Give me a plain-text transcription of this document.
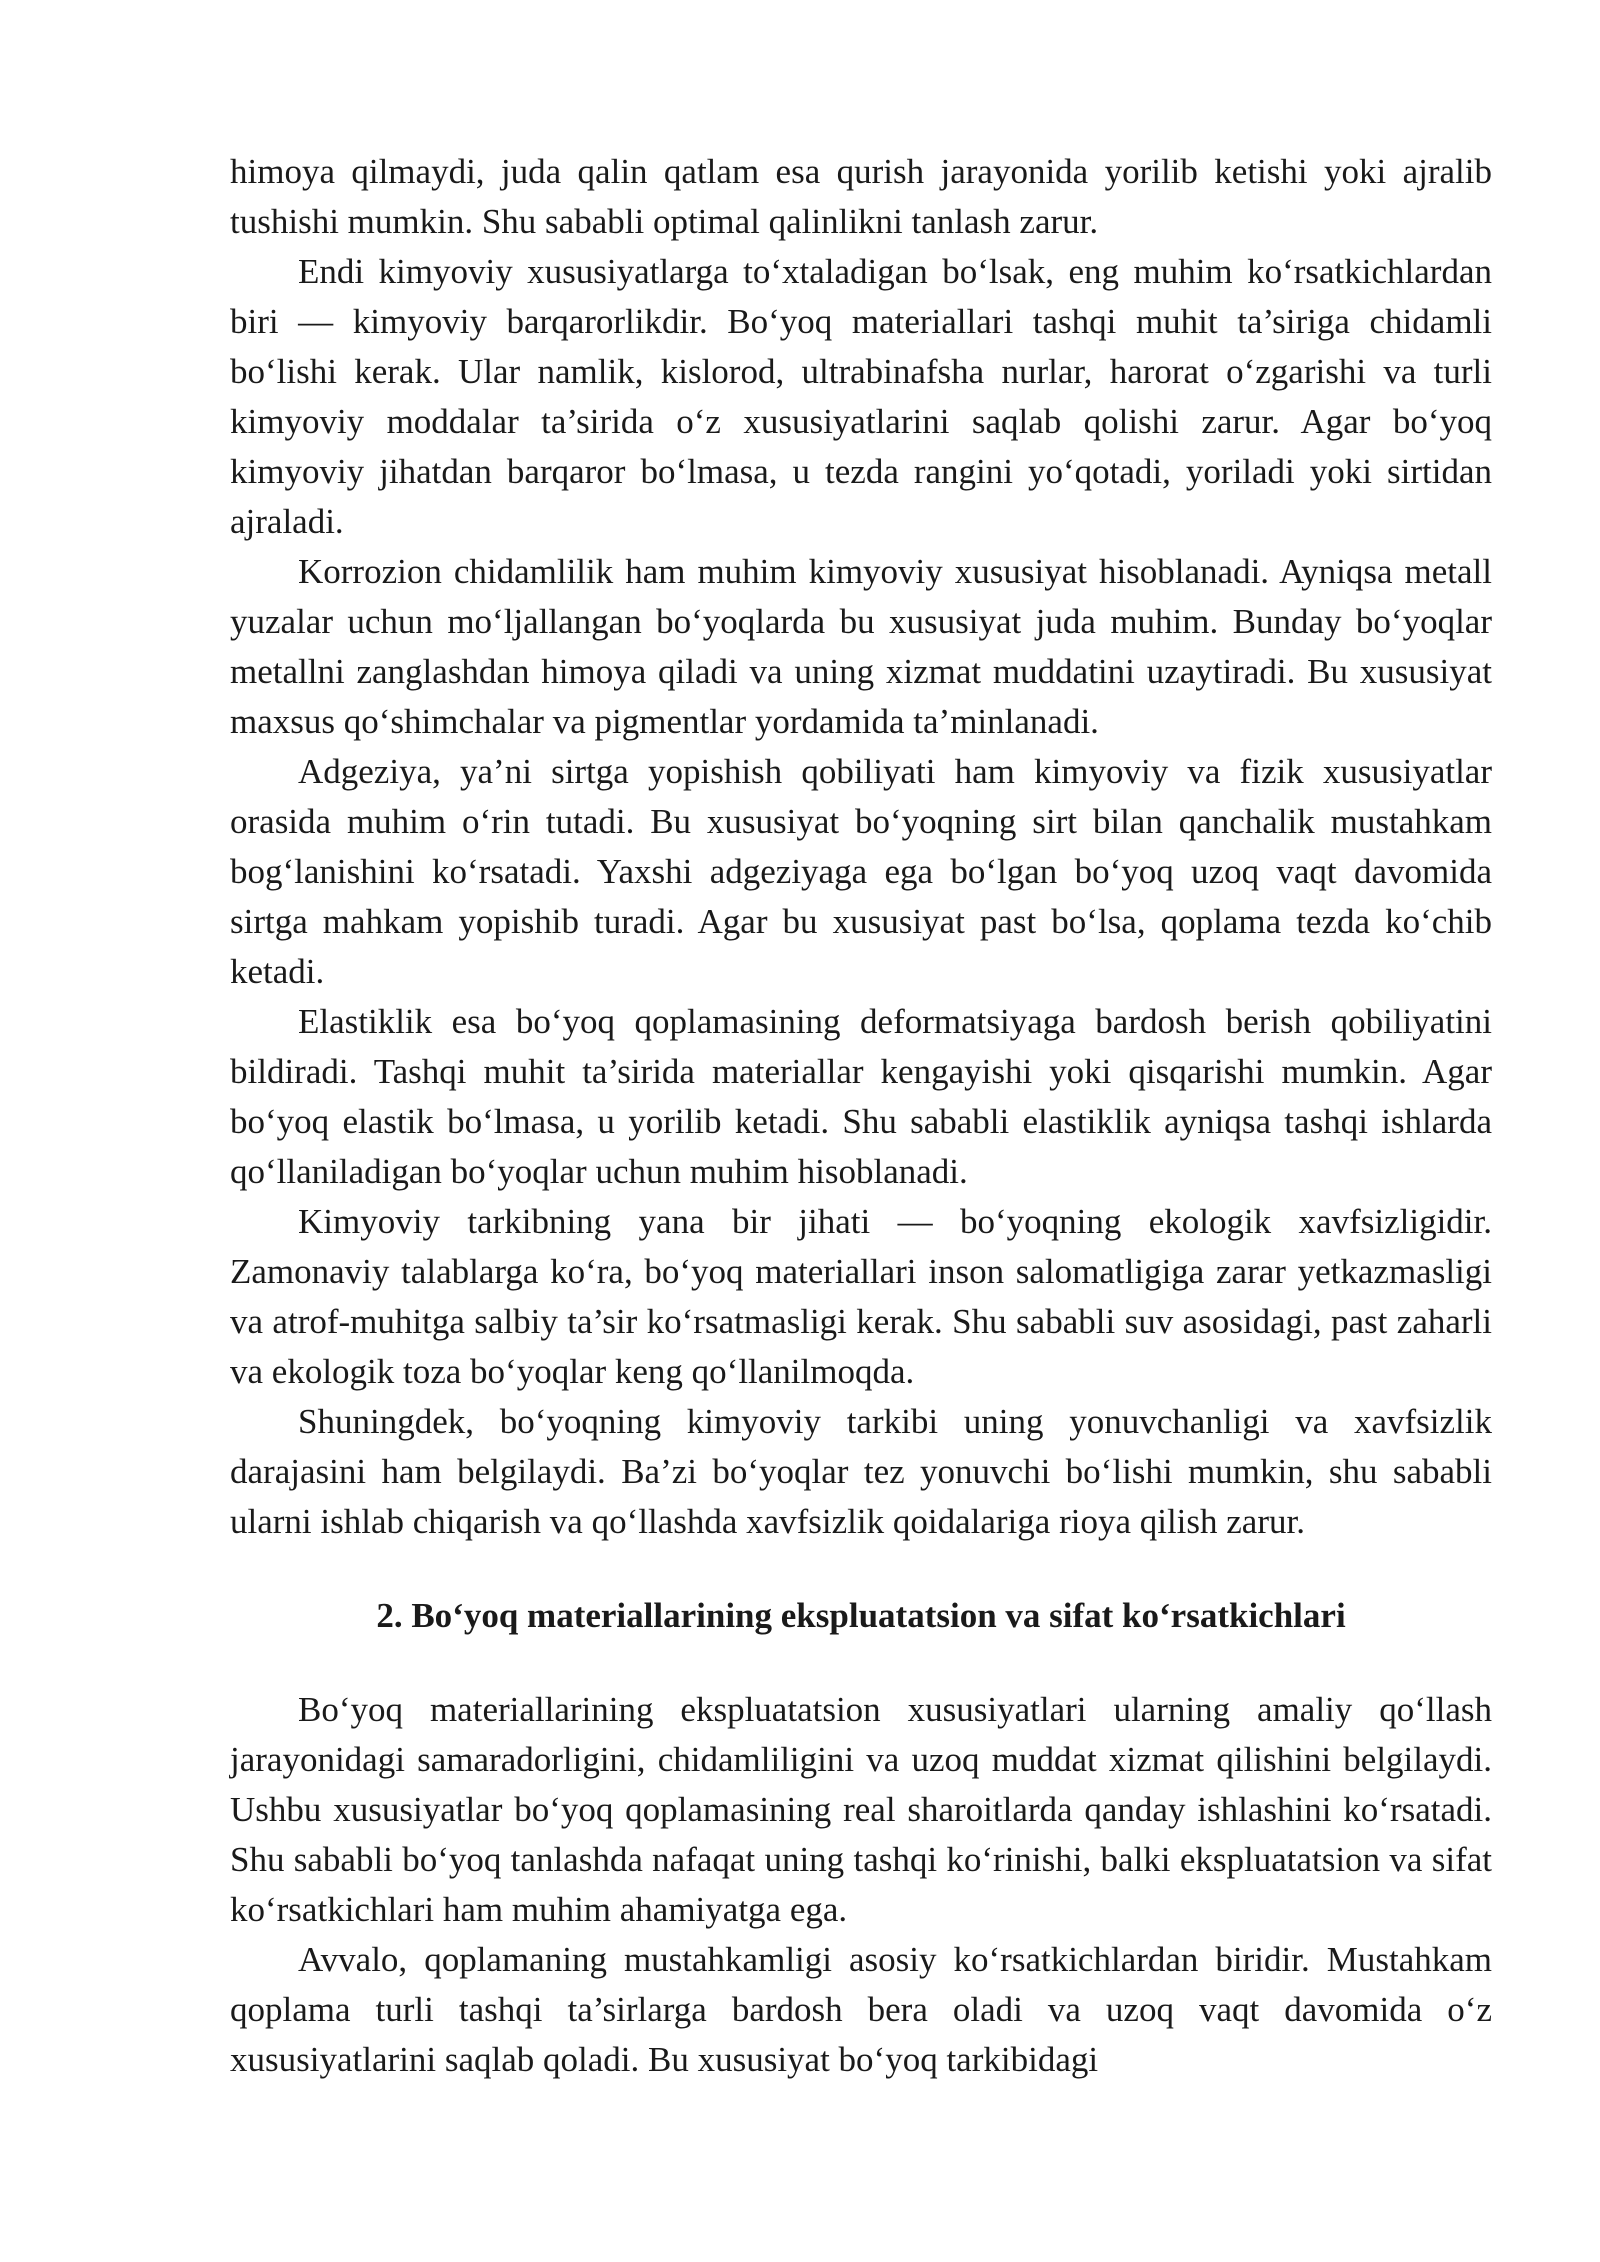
himoya qilmaydi, juda qalin qatlam esa qurish jarayonida yorilib ketishi yoki ajralib tushishi mumkin. Shu sababli optimal qalinlikni tanlash zarur.

Endi kimyoviy xususiyatlarga to‘xtaladigan bo‘lsak, eng muhim ko‘rsatkichlardan biri — kimyoviy barqarorlikdir. Bo‘yoq materiallari tashqi muhit ta’siriga chidamli bo‘lishi kerak. Ular namlik, kislorod, ultrabinafsha nurlar, harorat o‘zgarishi va turli kimyoviy moddalar ta’sirida o‘z xususiyatlarini saqlab qolishi zarur. Agar bo‘yoq kimyoviy jihatdan barqaror bo‘lmasa, u tezda rangini yo‘qotadi, yoriladi yoki sirtidan ajraladi.

Korrozion chidamlilik ham muhim kimyoviy xususiyat hisoblanadi. Ayniqsa metall yuzalar uchun mo‘ljallangan bo‘yoqlarda bu xususiyat juda muhim. Bunday bo‘yoqlar metallni zanglashdan himoya qiladi va uning xizmat muddatini uzaytiradi. Bu xususiyat maxsus qo‘shimchalar va pigmentlar yordamida ta’minlanadi.

Adgeziya, ya’ni sirtga yopishish qobiliyati ham kimyoviy va fizik xususiyatlar orasida muhim o‘rin tutadi. Bu xususiyat bo‘yoqning sirt bilan qanchalik mustahkam bog‘lanishini ko‘rsatadi. Yaxshi adgeziyaga ega bo‘lgan bo‘yoq uzoq vaqt davomida sirtga mahkam yopishib turadi. Agar bu xususiyat past bo‘lsa, qoplama tezda ko‘chib ketadi.

Elastiklik esa bo‘yoq qoplamasining deformatsiyaga bardosh berish qobiliyatini bildiradi. Tashqi muhit ta’sirida materiallar kengayishi yoki qisqarishi mumkin. Agar bo‘yoq elastik bo‘lmasa, u yorilib ketadi. Shu sababli elastiklik ayniqsa tashqi ishlarda qo‘llaniladigan bo‘yoqlar uchun muhim hisoblanadi.

Kimyoviy tarkibning yana bir jihati — bo‘yoqning ekologik xavfsizligidir. Zamonaviy talablarga ko‘ra, bo‘yoq materiallari inson salomatligiga zarar yetkazmasligi va atrof-muhitga salbiy ta’sir ko‘rsatmasligi kerak. Shu sababli suv asosidagi, past zaharli va ekologik toza bo‘yoqlar keng qo‘llanilmoqda.

Shuningdek, bo‘yoqning kimyoviy tarkibi uning yonuvchanligi va xavfsizlik darajasini ham belgilaydi. Ba’zi bo‘yoqlar tez yonuvchi bo‘lishi mumkin, shu sababli ularni ishlab chiqarish va qo‘llashda xavfsizlik qoidalariga rioya qilish zarur.

2. Bo‘yoq materiallarining ekspluatatsion va sifat ko‘rsatkichlari

Bo‘yoq materiallarining ekspluatatsion xususiyatlari ularning amaliy qo‘llash jarayonidagi samaradorligini, chidamliligini va uzoq muddat xizmat qilishini belgilaydi. Ushbu xususiyatlar bo‘yoq qoplamasining real sharoitlarda qanday ishlashini ko‘rsatadi. Shu sababli bo‘yoq tanlashda nafaqat uning tashqi ko‘rinishi, balki ekspluatatsion va sifat ko‘rsatkichlari ham muhim ahamiyatga ega.

Avvalo, qoplamaning mustahkamligi asosiy ko‘rsatkichlardan biridir. Mustahkam qoplama turli tashqi ta’sirlarga bardosh bera oladi va uzoq vaqt davomida o‘z xususiyatlarini saqlab qoladi. Bu xususiyat bo‘yoq tarkibidagi
